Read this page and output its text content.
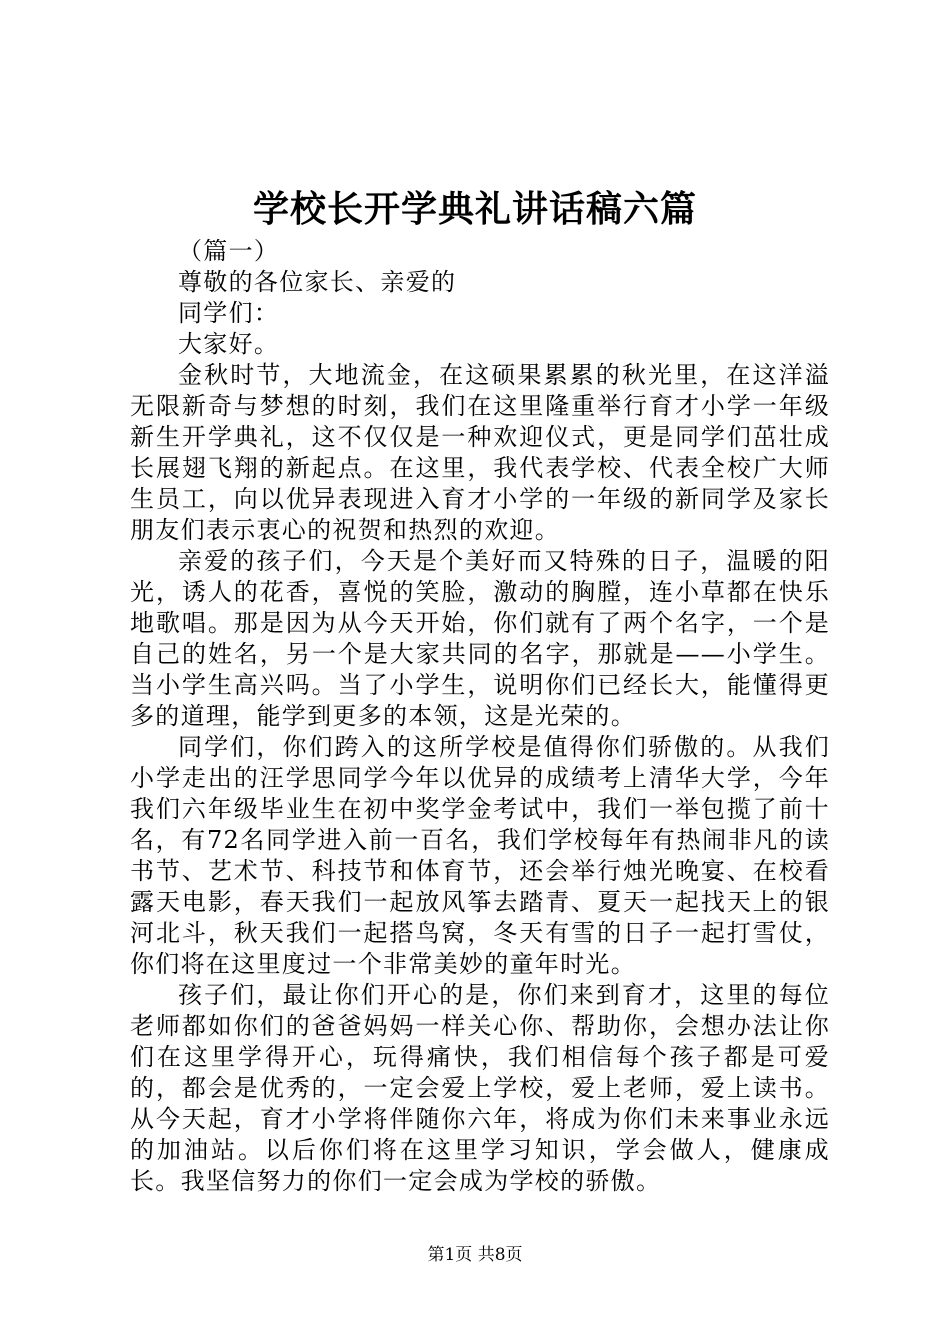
学校长开学典礼讲话稿六篇

（篇一）

尊敬的各位家长、亲爱的

同学们：

大家好。

金秋时节，大地流金，在这硕果累累的秋光里，在这洋溢无限新奇与梦想的时刻，我们在这里隆重举行育才小学一年级新生开学典礼，这不仅仅是一种欢迎仪式，更是同学们茁壮成长展翅飞翔的新起点。在这里，我代表学校、代表全校广大师生员工，向以优异表现进入育才小学的一年级的新同学及家长朋友们表示衷心的祝贺和热烈的欢迎。

亲爱的孩子们，今天是个美好而又特殊的日子，温暖的阳光，诱人的花香，喜悦的笑脸，激动的胸膛，连小草都在快乐地歌唱。那是因为从今天开始，你们就有了两个名字，一个是自己的姓名，另一个是大家共同的名字，那就是——小学生。当小学生高兴吗。当了小学生，说明你们已经长大，能懂得更多的道理，能学到更多的本领，这是光荣的。

同学们，你们跨入的这所学校是值得你们骄傲的。从我们小学走出的汪学思同学今年以优异的成绩考上清华大学，今年我们六年级毕业生在初中奖学金考试中，我们一举包揽了前十名，有72名同学进入前一百名，我们学校每年有热闹非凡的读书节、艺术节、科技节和体育节，还会举行烛光晚宴、在校看露天电影，春天我们一起放风筝去踏青、夏天一起找天上的银河北斗，秋天我们一起搭鸟窝，冬天有雪的日子一起打雪仗，你们将在这里度过一个非常美妙的童年时光。

孩子们，最让你们开心的是，你们来到育才，这里的每位老师都如你们的爸爸妈妈一样关心你、帮助你，会想办法让你们在这里学得开心，玩得痛快，我们相信每个孩子都是可爱的，都会是优秀的，一定会爱上学校，爱上老师，爱上读书。从今天起，育才小学将伴随你六年，将成为你们未来事业永远的加油站。以后你们将在这里学习知识，学会做人，健康成长。我坚信努力的你们一定会成为学校的骄傲。

第1页 共8页
